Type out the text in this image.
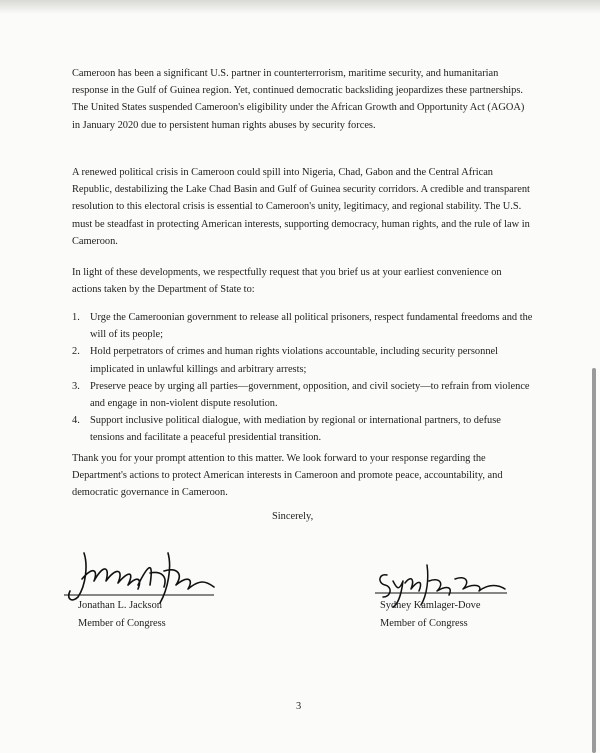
Cameroon has been a significant U.S. partner in counterterrorism, maritime security, and humanitarian response in the Gulf of Guinea region. Yet, continued democratic backsliding jeopardizes these partnerships. The United States suspended Cameroon's eligibility under the African Growth and Opportunity Act (AGOA) in January 2020 due to persistent human rights abuses by security forces.

A renewed political crisis in Cameroon could spill into Nigeria, Chad, Gabon and the Central African Republic, destabilizing the Lake Chad Basin and Gulf of Guinea security corridors. A credible and transparent resolution to this electoral crisis is essential to Cameroon's unity, legitimacy, and regional stability. The U.S. must be steadfast in protecting American interests, supporting democracy, human rights, and the rule of law in Cameroon.

In light of these developments, we respectfully request that you brief us at your earliest convenience on actions taken by the Department of State to:

1. Urge the Cameroonian government to release all political prisoners, respect fundamental freedoms and the will of its people;
2. Hold perpetrators of crimes and human rights violations accountable, including security personnel implicated in unlawful killings and arbitrary arrests;
3. Preserve peace by urging all parties—government, opposition, and civil society—to refrain from violence and engage in non-violent dispute resolution.
4. Support inclusive political dialogue, with mediation by regional or international partners, to defuse tensions and facilitate a peaceful presidential transition.

Thank you for your prompt attention to this matter. We look forward to your response regarding the Department's actions to protect American interests in Cameroon and promote peace, accountability, and democratic governance in Cameroon.

Sincerely,
Jonathan L. Jackson
Member of Congress
Sydney Kamlager-Dove
Member of Congress
3
